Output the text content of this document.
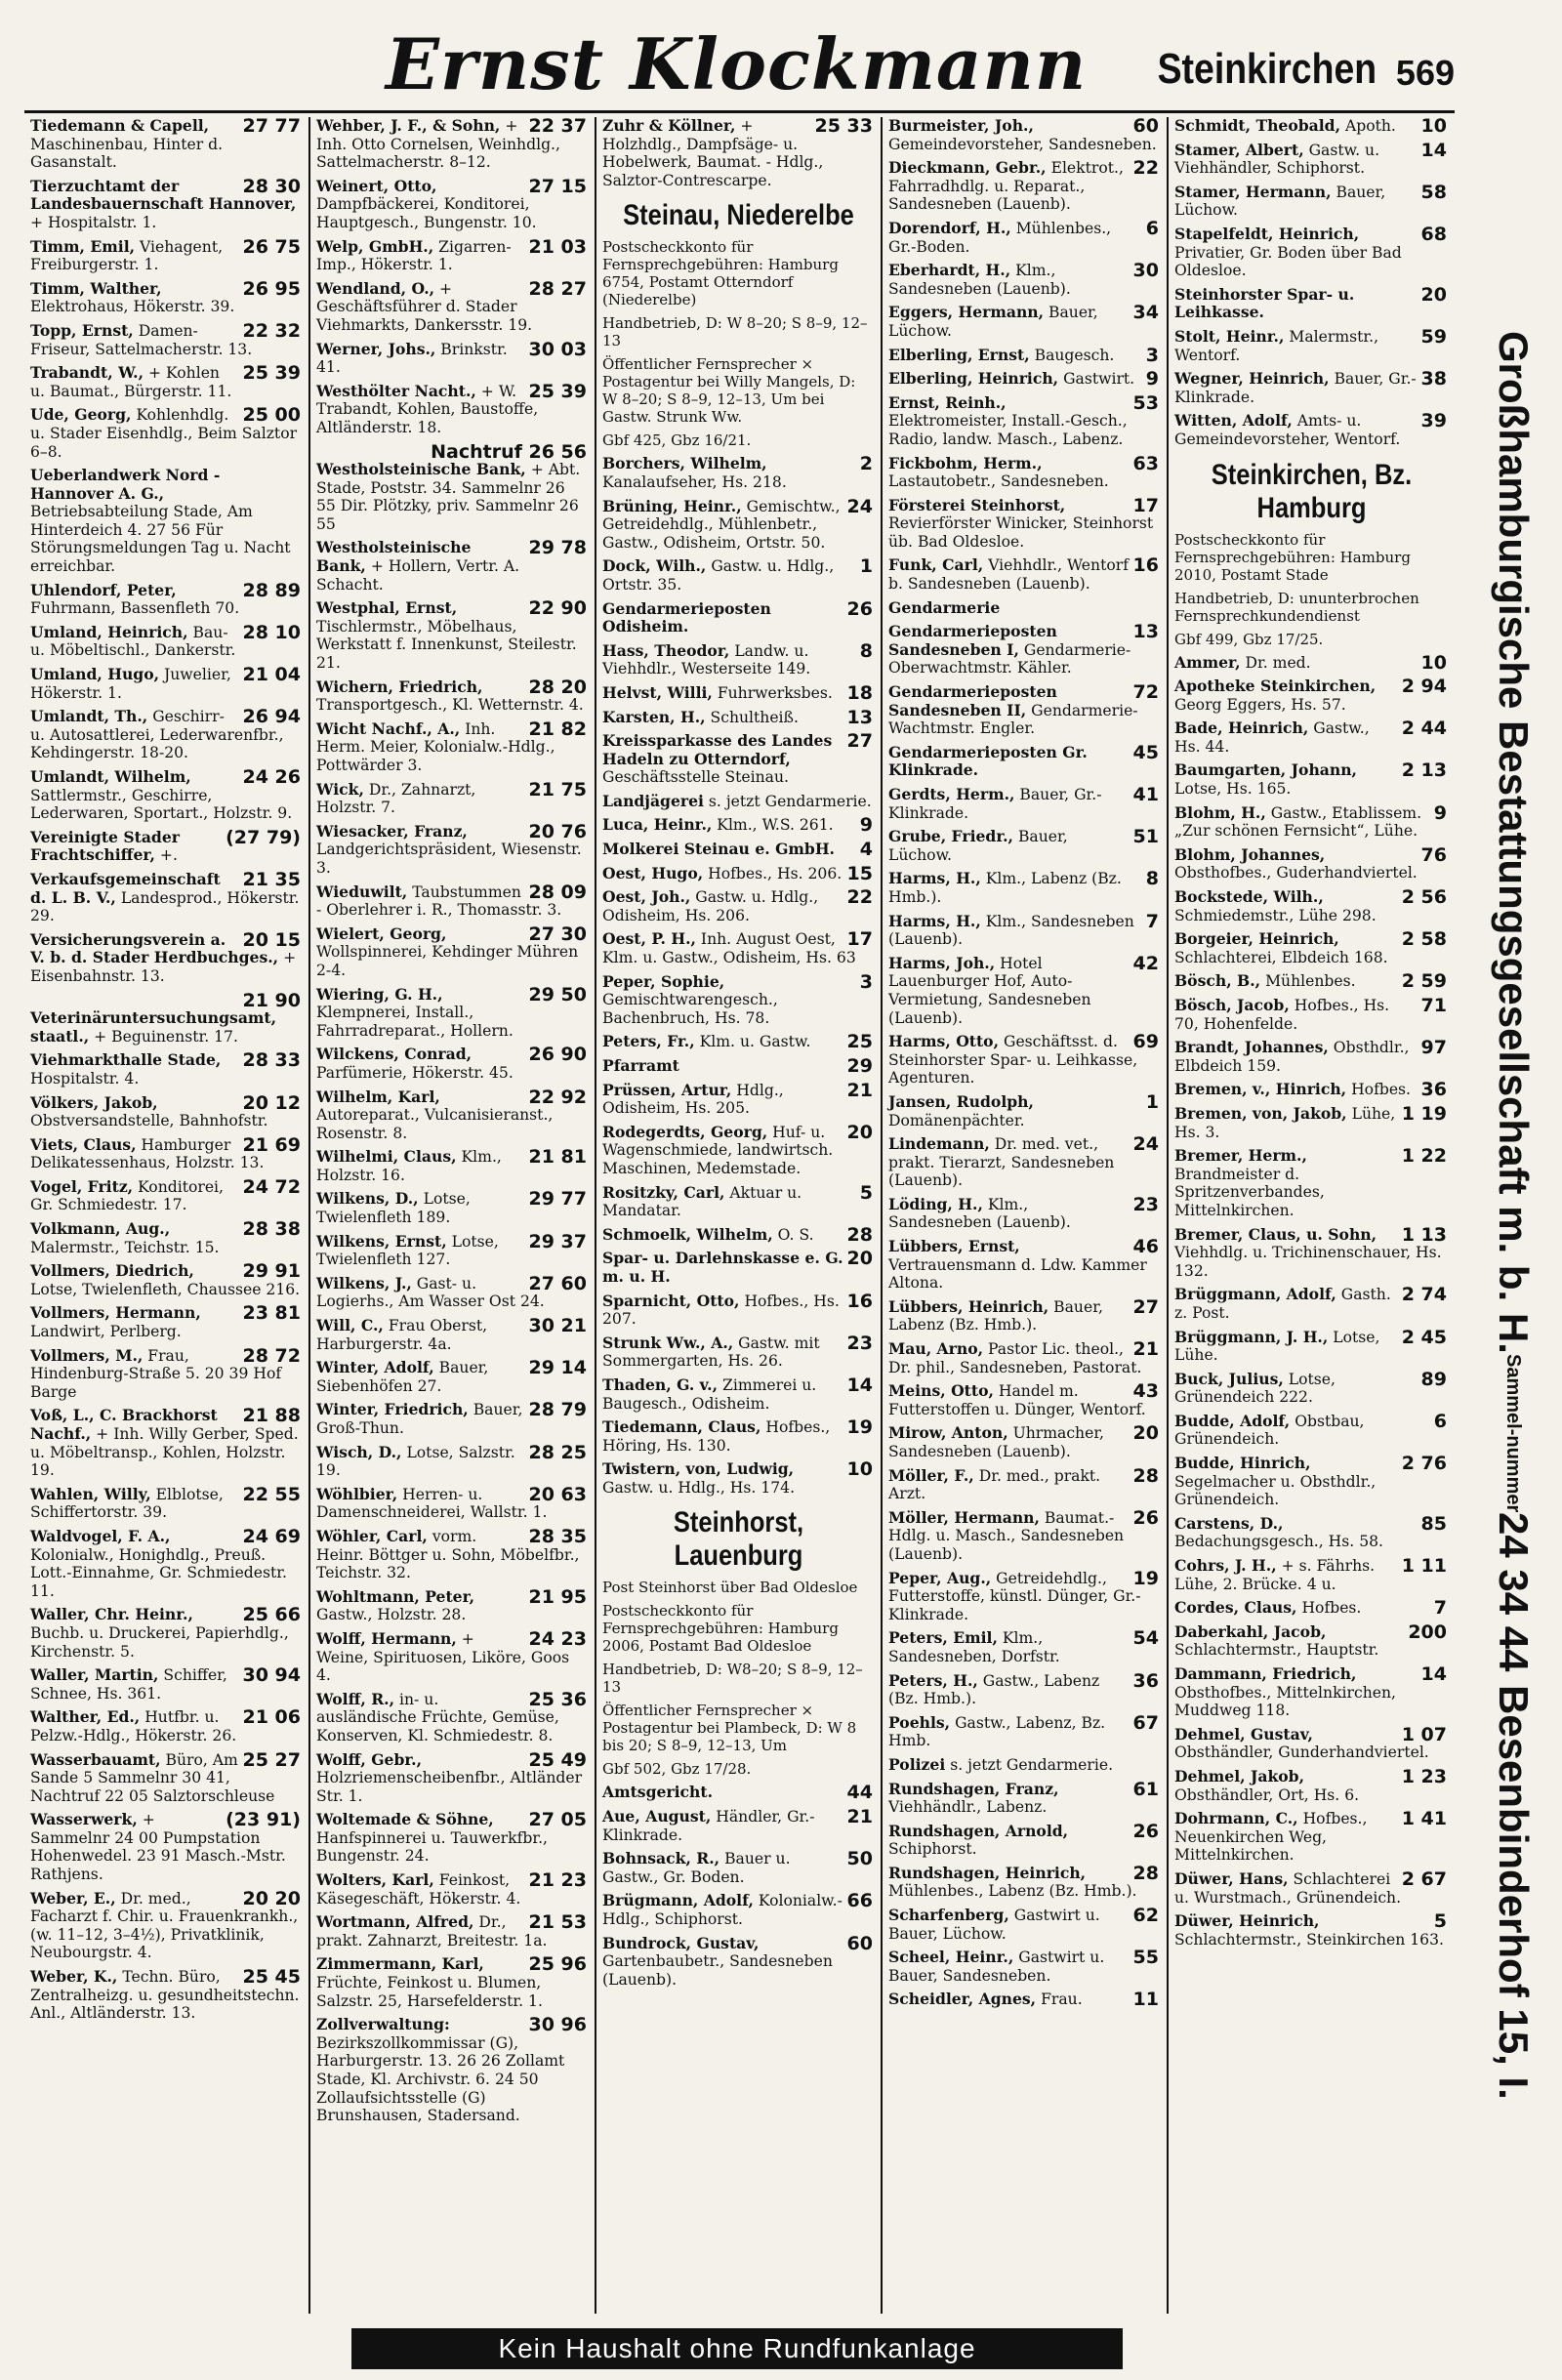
Ernst Klockmann Steinkirchen 569
27 77
Tiedemann & Capell, Maschinenbau, Hinter d. Gasanstalt.
28 30
Tierzuchtamt der Landesbauernschaft Hannover, + Hospitalstr. 1.
26 75
Timm, Emil, Viehagent, Freiburgerstr. 1.
26 95
Timm, Walther, Elektrohaus, Hökerstr. 39.
22 32
Topp, Ernst, Damen-Friseur, Sattelmacherstr. 13.
25 39
Trabandt, W., + Kohlen u. Baumat., Bürgerstr. 11.
25 00
Ude, Georg, Kohlenhdlg. u. Stader Eisenhdlg., Beim Salztor 6–8.
Ueberlandwerk Nord - Hannover A. G., Betriebsabteilung Stade, Am Hinterdeich 4. 27 56 Für Störungsmeldungen Tag u. Nacht erreichbar.
28 89
Uhlendorf, Peter, Fuhrmann, Bassenfleth 70.
28 10
Umland, Heinrich, Bau- u. Möbeltischl., Dankerstr.
21 04
Umland, Hugo, Juwelier, Hökerstr. 1.
26 94
Umlandt, Th., Geschirr- u. Autosattlerei, Lederwarenfbr., Kehdingerstr. 18-20.
24 26
Umlandt, Wilhelm, Sattlermstr., Geschirre, Lederwaren, Sportart., Holzstr. 9.
(27 79)
Vereinigte Stader Frachtschiffer, +.
21 35
Verkaufsgemeinschaft d. L. B. V., Landesprod., Hökerstr. 29.
20 15
Versicherungsverein a. V. b. d. Stader Herdbuchges., + Eisenbahnstr. 13.
21 90
Veterinäruntersuchungsamt, staatl., + Beguinenstr. 17.
28 33
Viehmarkthalle Stade, Hospitalstr. 4.
20 12
Völkers, Jakob, Obstversandstelle, Bahnhofstr.
21 69
Viets, Claus, Hamburger Delikatessenhaus, Holzstr. 13.
24 72
Vogel, Fritz, Konditorei, Gr. Schmiedestr. 17.
28 38
Volkmann, Aug., Malermstr., Teichstr. 15.
29 91
Vollmers, Diedrich, Lotse, Twielenfleth, Chaussee 216.
23 81
Vollmers, Hermann, Landwirt, Perlberg.
28 72
Vollmers, M., Frau, Hindenburg-Straße 5. 20 39 Hof Barge
21 88
Voß, L., C. Brackhorst Nachf., + Inh. Willy Gerber, Sped. u. Möbeltransp., Kohlen, Holzstr. 19.
22 55
Wahlen, Willy, Elblotse, Schiffertorstr. 39.
24 69
Waldvogel, F. A., Kolonialw., Honighdlg., Preuß. Lott.-Einnahme, Gr. Schmiedestr. 11.
25 66
Waller, Chr. Heinr., Buchb. u. Druckerei, Papierhdlg., Kirchenstr. 5.
30 94
Waller, Martin, Schiffer, Schnee, Hs. 361.
21 06
Walther, Ed., Hutfbr. u. Pelzw.-Hdlg., Hökerstr. 26.
25 27
Wasserbauamt, Büro, Am Sande 5 Sammelnr 30 41, Nachtruf 22 05 Salztorschleuse
(23 91)
Wasserwerk, + Sammelnr 24 00 Pumpstation Hohenwedel. 23 91 Masch.-Mstr. Rathjens.
20 20
Weber, E., Dr. med., Facharzt f. Chir. u. Frauenkrankh., (w. 11–12, 3–4½), Privatklinik, Neubourgstr. 4.
25 45
Weber, K., Techn. Büro, Zentralheizg. u. gesundheitstechn. Anl., Altländerstr. 13.
22 37
Wehber, J. F., & Sohn, + Inh. Otto Cornelsen, Weinhdlg., Sattelmacherstr. 8–12.
27 15
Weinert, Otto, Dampfbäckerei, Konditorei, Hauptgesch., Bungenstr. 10.
21 03
Welp, GmbH., Zigarren-Imp., Hökerstr. 1.
28 27
Wendland, O., + Geschäftsführer d. Stader Viehmarkts, Dankersstr. 19.
30 03
Werner, Johs., Brinkstr. 41.
25 39
Westhölter Nacht., + W. Trabandt, Kohlen, Baustoffe, Altländerstr. 18.
Nachtruf 26 56
Westholsteinische Bank, + Abt. Stade, Poststr. 34. Sammelnr 26 55 Dir. Plötzky, priv. Sammelnr 26 55
29 78
Westholsteinische Bank, + Hollern, Vertr. A. Schacht.
22 90
Westphal, Ernst, Tischlermstr., Möbelhaus, Werkstatt f. Innenkunst, Steilestr. 21.
28 20
Wichern, Friedrich, Transportgesch., Kl. Wetternstr. 4.
21 82
Wicht Nachf., A., Inh. Herm. Meier, Kolonialw.-Hdlg., Pottwärder 3.
21 75
Wick, Dr., Zahnarzt, Holzstr. 7.
20 76
Wiesacker, Franz, Landgerichtspräsident, Wiesenstr. 3.
28 09
Wieduwilt, Taubstummen - Oberlehrer i. R., Thomasstr. 3.
27 30
Wielert, Georg, Wollspinnerei, Kehdinger Mühren 2-4.
29 50
Wiering, G. H., Klempnerei, Install., Fahrradreparat., Hollern.
26 90
Wilckens, Conrad, Parfümerie, Hökerstr. 45.
22 92
Wilhelm, Karl, Autoreparat., Vulcanisieranst., Rosenstr. 8.
21 81
Wilhelmi, Claus, Klm., Holzstr. 16.
29 77
Wilkens, D., Lotse, Twielenfleth 189.
29 37
Wilkens, Ernst, Lotse, Twielenfleth 127.
27 60
Wilkens, J., Gast- u. Logierhs., Am Wasser Ost 24.
30 21
Will, C., Frau Oberst, Harburgerstr. 4a.
29 14
Winter, Adolf, Bauer, Siebenhöfen 27.
28 79
Winter, Friedrich, Bauer, Groß-Thun.
28 25
Wisch, D., Lotse, Salzstr. 19.
20 63
Wöhlbier, Herren- u. Damenschneiderei, Wallstr. 1.
28 35
Wöhler, Carl, vorm. Heinr. Böttger u. Sohn, Möbelfbr., Teichstr. 32.
21 95
Wohltmann, Peter, Gastw., Holzstr. 28.
24 23
Wolff, Hermann, + Weine, Spirituosen, Liköre, Goos 4.
25 36
Wolff, R., in- u. ausländische Früchte, Gemüse, Konserven, Kl. Schmiedestr. 8.
25 49
Wolff, Gebr., Holzriemenscheibenfbr., Altländer Str. 1.
27 05
Woltemade & Söhne, Hanfspinnerei u. Tauwerkfbr., Bungenstr. 24.
21 23
Wolters, Karl, Feinkost, Käsegeschäft, Hökerstr. 4.
21 53
Wortmann, Alfred, Dr., prakt. Zahnarzt, Breitestr. 1a.
25 96
Zimmermann, Karl, Früchte, Feinkost u. Blumen, Salzstr. 25, Harsefelderstr. 1.
30 96
Zollverwaltung: Bezirkszollkommissar (G), Harburgerstr. 13. 26 26 Zollamt Stade, Kl. Archivstr. 6. 24 50 Zollaufsichtsstelle (G) Brunshausen, Stadersand.
25 33
Zuhr & Köllner, + Holzhdlg., Dampfsäge- u. Hobelwerk, Baumat. - Hdlg., Salztor-Contrescarpe.
Steinau, Niederelbe
Postscheckkonto für Fernsprechgebühren: Hamburg 6754, Postamt Otterndorf (Niederelbe)
Handbetrieb, D: W 8–20; S 8–9, 12–13
Öffentlicher Fernsprecher × Postagentur bei Willy Mangels, D: W 8–20; S 8–9, 12–13, Um bei Gastw. Strunk Ww.
Gbf 425, Gbz 16/21.
2
Borchers, Wilhelm, Kanalaufseher, Hs. 218.
24
Brüning, Heinr., Gemischtw., Getreidehdlg., Mühlenbetr., Gastw., Odisheim, Ortstr. 50.
1
Dock, Wilh., Gastw. u. Hdlg., Ortstr. 35.
26
Gendarmerieposten Odisheim.
8
Hass, Theodor, Landw. u. Viehhdlr., Westerseite 149.
18
Helvst, Willi, Fuhrwerksbes.
13
Karsten, H., Schultheiß.
27
Kreissparkasse des Landes Hadeln zu Otterndorf, Geschäftsstelle Steinau.
Landjägerei s. jetzt Gendarmerie.
9
Luca, Heinr., Klm., W.S. 261.
4
Molkerei Steinau e. GmbH.
15
Oest, Hugo, Hofbes., Hs. 206.
22
Oest, Joh., Gastw. u. Hdlg., Odisheim, Hs. 206.
17
Oest, P. H., Inh. August Oest, Klm. u. Gastw., Odisheim, Hs. 63
3
Peper, Sophie, Gemischtwarengesch., Bachenbruch, Hs. 78.
25
Peters, Fr., Klm. u. Gastw.
29
Pfarramt
21
Prüssen, Artur, Hdlg., Odisheim, Hs. 205.
20
Rodegerdts, Georg, Huf- u. Wagenschmiede, landwirtsch. Maschinen, Medemstade.
5
Rositzky, Carl, Aktuar u. Mandatar.
28
Schmoelk, Wilhelm, O. S.
20
Spar- u. Darlehnskasse e. G. m. u. H.
16
Sparnicht, Otto, Hofbes., Hs. 207.
23
Strunk Ww., A., Gastw. mit Sommergarten, Hs. 26.
14
Thaden, G. v., Zimmerei u. Baugesch., Odisheim.
19
Tiedemann, Claus, Hofbes., Höring, Hs. 130.
10
Twistern, von, Ludwig, Gastw. u. Hdlg., Hs. 174.
Steinhorst, Lauenburg
Post Steinhorst über Bad Oldesloe
Postscheckkonto für Fernsprechgebühren: Hamburg 2006, Postamt Bad Oldesloe
Handbetrieb, D: W8–20; S 8–9, 12–13
Öffentlicher Fernsprecher × Postagentur bei Plambeck, D: W 8 bis 20; S 8–9, 12–13, Um
Gbf 502, Gbz 17/28.
44
Amtsgericht.
21
Aue, August, Händler, Gr.-Klinkrade.
50
Bohnsack, R., Bauer u. Gastw., Gr. Boden.
66
Brügmann, Adolf, Kolonialw.-Hdlg., Schiphorst.
60
Bundrock, Gustav, Gartenbaubetr., Sandesneben (Lauenb).
60
Burmeister, Joh., Gemeindevorsteher, Sandesneben.
22
Dieckmann, Gebr., Elektrot., Fahrradhdlg. u. Reparat., Sandesneben (Lauenb).
6
Dorendorf, H., Mühlenbes., Gr.-Boden.
30
Eberhardt, H., Klm., Sandesneben (Lauenb).
34
Eggers, Hermann, Bauer, Lüchow.
3
Elberling, Ernst, Baugesch.
9
Elberling, Heinrich, Gastwirt.
53
Ernst, Reinh., Elektromeister, Install.-Gesch., Radio, landw. Masch., Labenz.
63
Fickbohm, Herm., Lastautobetr., Sandesneben.
17
Försterei Steinhorst, Revierförster Winicker, Steinhorst üb. Bad Oldesloe.
16
Funk, Carl, Viehhdlr., Wentorf b. Sandesneben (Lauenb).
Gendarmerie
13
Gendarmerieposten Sandesneben I, Gendarmerie-Oberwachtmstr. Kähler.
72
Gendarmerieposten Sandesneben II, Gendarmerie-Wachtmstr. Engler.
45
Gendarmerieposten Gr. Klinkrade.
41
Gerdts, Herm., Bauer, Gr.-Klinkrade.
51
Grube, Friedr., Bauer, Lüchow.
8
Harms, H., Klm., Labenz (Bz. Hmb.).
7
Harms, H., Klm., Sandesneben (Lauenb).
42
Harms, Joh., Hotel Lauenburger Hof, Auto-Vermietung, Sandesneben (Lauenb).
69
Harms, Otto, Geschäftsst. d. Steinhorster Spar- u. Leihkasse, Agenturen.
1
Jansen, Rudolph, Domänenpächter.
24
Lindemann, Dr. med. vet., prakt. Tierarzt, Sandesneben (Lauenb).
23
Löding, H., Klm., Sandesneben (Lauenb).
46
Lübbers, Ernst, Vertrauensmann d. Ldw. Kammer Altona.
27
Lübbers, Heinrich, Bauer, Labenz (Bz. Hmb.).
21
Mau, Arno, Pastor Lic. theol., Dr. phil., Sandesneben, Pastorat.
43
Meins, Otto, Handel m. Futterstoffen u. Dünger, Wentorf.
20
Mirow, Anton, Uhrmacher, Sandesneben (Lauenb).
28
Möller, F., Dr. med., prakt. Arzt.
26
Möller, Hermann, Baumat.-Hdlg. u. Masch., Sandesneben (Lauenb).
19
Peper, Aug., Getreidehdlg., Futterstoffe, künstl. Dünger, Gr.-Klinkrade.
54
Peters, Emil, Klm., Sandesneben, Dorfstr.
36
Peters, H., Gastw., Labenz (Bz. Hmb.).
67
Poehls, Gastw., Labenz, Bz. Hmb.
Polizei s. jetzt Gendarmerie.
61
Rundshagen, Franz, Viehhändlr., Labenz.
26
Rundshagen, Arnold, Schiphorst.
28
Rundshagen, Heinrich, Mühlenbes., Labenz (Bz. Hmb.).
62
Scharfenberg, Gastwirt u. Bauer, Lüchow.
55
Scheel, Heinr., Gastwirt u. Bauer, Sandesneben.
11
Scheidler, Agnes, Frau.
10
Schmidt, Theobald, Apoth.
14
Stamer, Albert, Gastw. u. Viehhändler, Schiphorst.
58
Stamer, Hermann, Bauer, Lüchow.
68
Stapelfeldt, Heinrich, Privatier, Gr. Boden über Bad Oldesloe.
20
Steinhorster Spar- u. Leihkasse.
59
Stolt, Heinr., Malermstr., Wentorf.
38
Wegner, Heinrich, Bauer, Gr.-Klinkrade.
39
Witten, Adolf, Amts- u. Gemeindevorsteher, Wentorf.
Steinkirchen, Bz. Hamburg
Postscheckkonto für Fernsprechgebühren: Hamburg 2010, Postamt Stade
Handbetrieb, D: ununterbrochen Fernsprechkundendienst
Gbf 499, Gbz 17/25.
10
Ammer, Dr. med.
2 94
Apotheke Steinkirchen, Georg Eggers, Hs. 57.
2 44
Bade, Heinrich, Gastw., Hs. 44.
2 13
Baumgarten, Johann, Lotse, Hs. 165.
9
Blohm, H., Gastw., Etablissem. „Zur schönen Fernsicht“, Lühe.
76
Blohm, Johannes, Obsthofbes., Guderhandviertel.
2 56
Bockstede, Wilh., Schmiedemstr., Lühe 298.
2 58
Borgeier, Heinrich, Schlachterei, Elbdeich 168.
2 59
Bösch, B., Mühlenbes.
71
Bösch, Jacob, Hofbes., Hs. 70, Hohenfelde.
97
Brandt, Johannes, Obsthdlr., Elbdeich 159.
36
Bremen, v., Hinrich, Hofbes.
1 19
Bremen, von, Jakob, Lühe, Hs. 3.
1 22
Bremer, Herm., Brandmeister d. Spritzenverbandes, Mittelnkirchen.
1 13
Bremer, Claus, u. Sohn, Viehhdlg. u. Trichinenschauer, Hs. 132.
2 74
Brüggmann, Adolf, Gasth. z. Post.
2 45
Brüggmann, J. H., Lotse, Lühe.
89
Buck, Julius, Lotse, Grünendeich 222.
6
Budde, Adolf, Obstbau, Grünendeich.
2 76
Budde, Hinrich, Segelmacher u. Obsthdlr., Grünendeich.
85
Carstens, D., Bedachungsgesch., Hs. 58.
1 11
Cohrs, J. H., + s. Fährhs. Lühe, 2. Brücke. 4 u.
7
Cordes, Claus, Hofbes.
200
Daberkahl, Jacob, Schlachtermstr., Hauptstr.
14
Dammann, Friedrich, Obsthofbes., Mittelnkirchen, Muddweg 118.
1 07
Dehmel, Gustav, Obsthändler, Gunderhandviertel.
1 23
Dehmel, Jakob, Obsthändler, Ort, Hs. 6.
1 41
Dohrmann, C., Hofbes., Neuenkirchen Weg, Mittelnkirchen.
2 67
Düwer, Hans, Schlachterei u. Wurstmach., Grünendeich.
5
Düwer, Heinrich, Schlachtermstr., Steinkirchen 163.
Großhamburgische Bestattungsgesellschaft m. b. H.
Sammel-nummer
24 34 44
Besenbinderhof 15, I.
Kein Haushalt ohne Rundfunkanlage
